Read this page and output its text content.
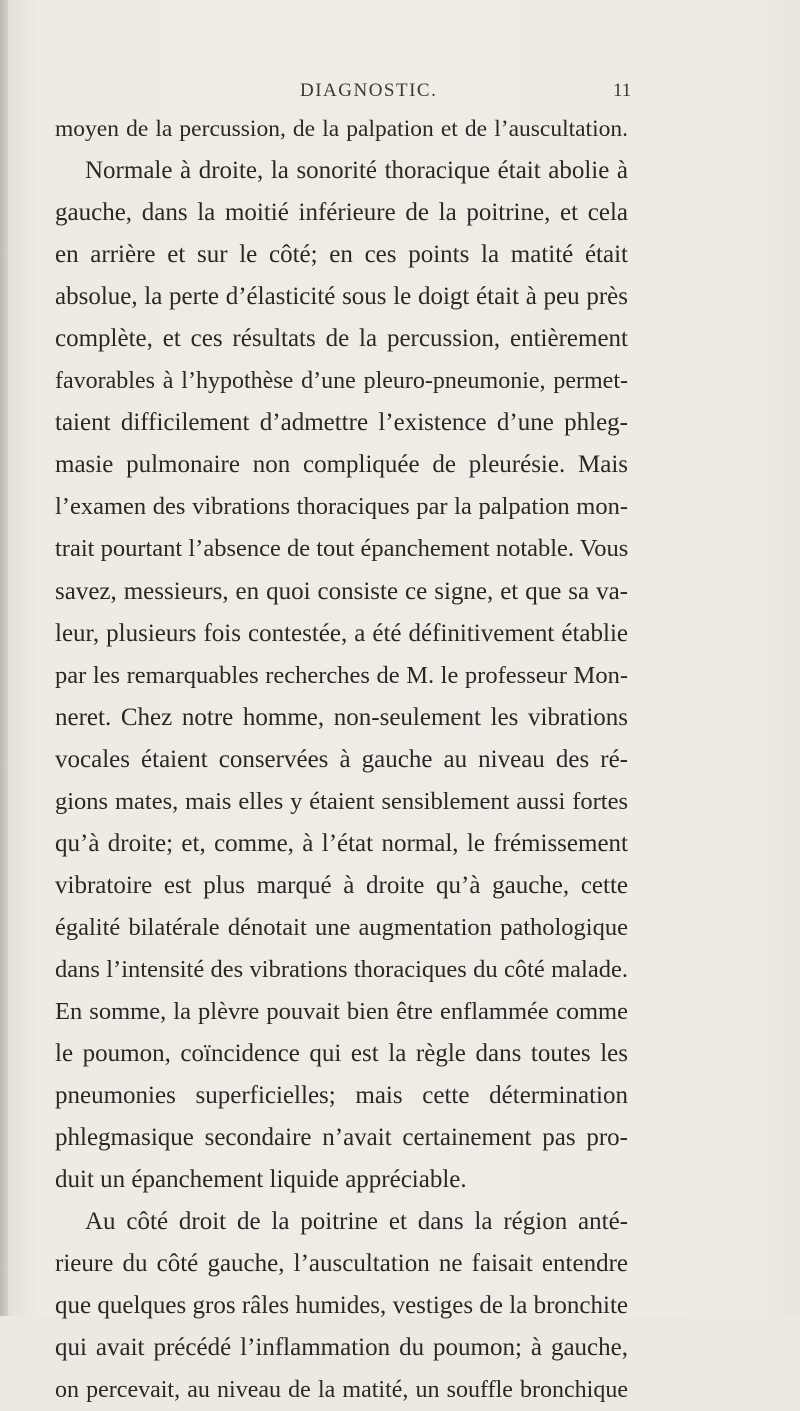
DIAGNOSTIC.	11
moyen de la percussion, de la palpation et de l’auscultation.
Normale à droite, la sonorité thoracique était abolie à
gauche, dans la moitié inférieure de la poitrine, et cela
en arrière et sur le côté; en ces points la matité était
absolue, la perte d’élasticité sous le doigt était à peu près
complète, et ces résultats de la percussion, entièrement
favorables à l’hypothèse d’une pleuro-pneumonie, permet-
taient difficilement d’admettre l’existence d’une phleg-
masie pulmonaire non compliquée de pleurésie. Mais
l’examen des vibrations thoraciques par la palpation mon-
trait pourtant l’absence de tout épanchement notable. Vous
savez, messieurs, en quoi consiste ce signe, et que sa va-
leur, plusieurs fois contestée, a été définitivement établie
par les remarquables recherches de M. le professeur Mon-
neret. Chez notre homme, non-seulement les vibrations
vocales étaient conservées à gauche au niveau des ré-
gions mates, mais elles y étaient sensiblement aussi fortes
qu’à droite; et, comme, à l’état normal, le frémissement
vibratoire est plus marqué à droite qu’à gauche, cette
égalité bilatérale dénotait une augmentation pathologique
dans l’intensité des vibrations thoraciques du côté malade.
En somme, la plèvre pouvait bien être enflammée comme
le poumon, coïncidence qui est la règle dans toutes les
pneumonies superficielles; mais cette détermination
phlegmasique secondaire n’avait certainement pas pro-
duit un épanchement liquide appréciable.
Au côté droit de la poitrine et dans la région anté-
rieure du côté gauche, l’auscultation ne faisait entendre
que quelques gros râles humides, vestiges de la bronchite
qui avait précédé l’inflammation du poumon; à gauche,
on percevait, au niveau de la matité, un souffle bronchique
